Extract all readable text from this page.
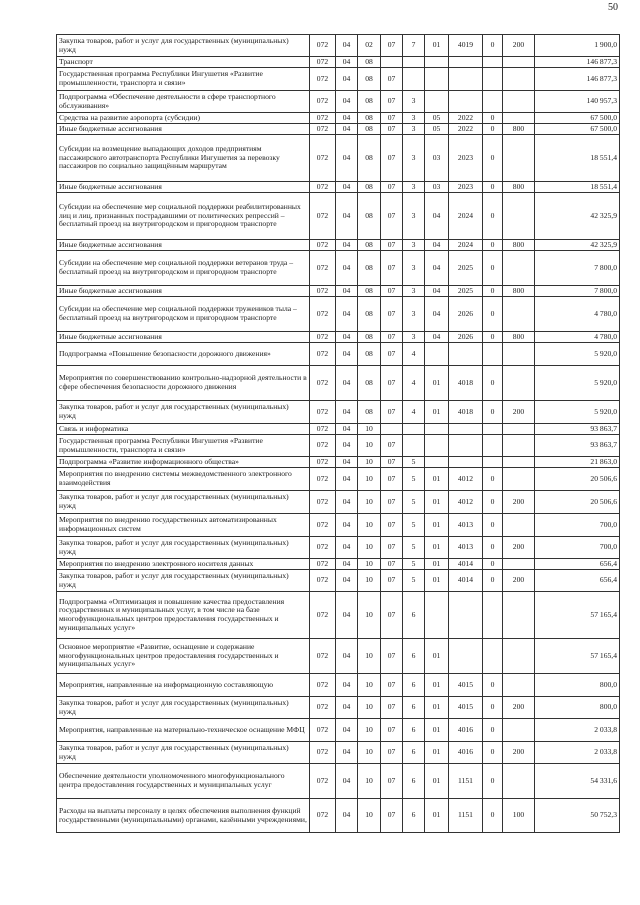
50
Закупка товаров, работ и услуг для государственных (муниципальных) нужд	072	04	02	07	7	01	4019	0	200	1 900,0
Транспорт	072	04	08							146 877,3
Государственная программа Республики Ингушетия «Развитие промышленности, транспорта и связи»	072	04	08	07						146 877,3
Подпрограмма «Обеспечение деятельности в сфере транспортного обслуживания»	072	04	08	07	3					140 957,3
Средства на развитие аэропорта (субсидии)	072	04	08	07	3	05	2022	0		67 500,0
Иные бюджетные ассигнования	072	04	08	07	3	05	2022	0	800	67 500,0
Субсидии на возмещение выпадающих доходов предприятиям пассажирского автотранспорта Республики Ингушетия за перевозку пассажиров по социально защищённым маршрутам	072	04	08	07	3	03	2023	0		18 551,4
Иные бюджетные ассигнования	072	04	08	07	3	03	2023	0	800	18 551,4
Субсидии на обеспечение мер социальной поддержки реабилитированных лиц и лиц, признанных пострадавшими от политических репрессий – бесплатный проезд на внутригородском и пригородном транспорте	072	04	08	07	3	04	2024	0		42 325,9
Иные бюджетные ассигнования	072	04	08	07	3	04	2024	0	800	42 325,9
Субсидии на обеспечение мер социальной поддержки ветеранов труда – бесплатный проезд на внутригородском и пригородном транспорте	072	04	08	07	3	04	2025	0		7 800,0
Иные бюджетные ассигнования	072	04	08	07	3	04	2025	0	800	7 800,0
Субсидии на обеспечение мер социальной поддержки тружеников тыла – бесплатный проезд на внутригородском и пригородном транспорте	072	04	08	07	3	04	2026	0		4 780,0
Иные бюджетные ассигнования	072	04	08	07	3	04	2026	0	800	4 780,0
Подпрограмма «Повышение безопасности дорожного движения»	072	04	08	07	4					5 920,0
Мероприятия по совершенствованию контрольно-надзорной деятельности в сфере обеспечения безопасности дорожного движения	072	04	08	07	4	01	4018	0		5 920,0
Закупка товаров, работ и услуг для государственных (муниципальных) нужд	072	04	08	07	4	01	4018	0	200	5 920,0
Связь и информатика	072	04	10							93 863,7
Государственная программа Республики Ингушетия «Развитие промышленности, транспорта и связи»	072	04	10	07						93 863,7
Подпрограмма «Развитие информационного общества»	072	04	10	07	5					21 863,0
Мероприятия по внедрению системы межведомственного электронного взаимодействия	072	04	10	07	5	01	4012	0		20 506,6
Закупка товаров, работ и услуг для государственных (муниципальных) нужд	072	04	10	07	5	01	4012	0	200	20 506,6
Мероприятия по внедрению государственных автоматизированных информационных систем	072	04	10	07	5	01	4013	0		700,0
Закупка товаров, работ и услуг для государственных (муниципальных) нужд	072	04	10	07	5	01	4013	0	200	700,0
Мероприятия по внедрению электронного носителя данных	072	04	10	07	5	01	4014	0		656,4
Закупка товаров, работ и услуг для государственных (муниципальных) нужд	072	04	10	07	5	01	4014	0	200	656,4
Подпрограмма «Оптимизация и повышение качества предоставления государственных и муниципальных услуг, в том числе на базе многофункциональных центров предоставления государственных и муниципальных услуг»	072	04	10	07	6					57 165,4
Основное мероприятие «Развитие, оснащение и содержание многофункциональных центров предоставления государственных и муниципальных услуг»	072	04	10	07	6	01				57 165,4
Мероприятия, направленные на информационную составляющую	072	04	10	07	6	01	4015	0		800,0
Закупка товаров, работ и услуг для государственных (муниципальных) нужд	072	04	10	07	6	01	4015	0	200	800,0
Мероприятия, направленные на материально-техническое оснащение МФЦ	072	04	10	07	6	01	4016	0		2 033,8
Закупка товаров, работ и услуг для государственных (муниципальных) нужд	072	04	10	07	6	01	4016	0	200	2 033,8
Обеспечение деятельности уполномоченного многофункционального центра предоставления государственных и муниципальных услуг	072	04	10	07	6	01	1151	0		54 331,6
Расходы на выплаты персоналу в целях обеспечения выполнения функций государственными (муниципальными) органами, казёнными учреждениями,	072	04	10	07	6	01	1151	0	100	50 752,3
